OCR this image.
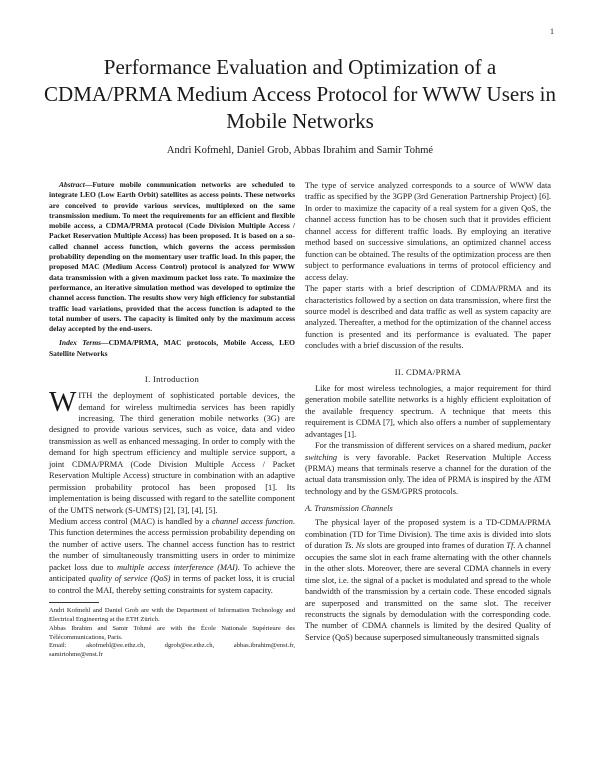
1
Performance Evaluation and Optimization of a CDMA/PRMA Medium Access Protocol for WWW Users in Mobile Networks
Andri Kofmehl, Daniel Grob, Abbas Ibrahim and Samir Tohmé

Abstract—Future mobile communication networks are scheduled to integrate LEO (Low Earth Orbit) satellites as access points. These networks are conceived to provide various services, multiplexed on the same transmission medium. To meet the requirements for an efficient and flexible mobile access, a CDMA/PRMA protocol (Code Division Multiple Access / Packet Reservation Multiple Access) has been proposed. It is based on a so-called channel access function, which governs the access permission probability depending on the momentary user traffic load. In this paper, the proposed MAC (Medium Access Control) protocol is analyzed for WWW data transmission with a given maximum packet loss rate. To maximize the performance, an iterative simulation method was developed to optimize the channel access function. The results show very high efficiency for substantial traffic load variations, provided that the access function is adapted to the total number of users. The capacity is limited only by the maximum access delay accepted by the end-users.

Index Terms—CDMA/PRMA, MAC protocols, Mobile Access, LEO Satellite Networks

I. Introduction

WITH the deployment of sophisticated portable devices, the demand for wireless multimedia services has been rapidly increasing. The third generation mobile networks (3G) are designed to provide various services, such as voice, data and video transmission as well as enhanced messaging. In order to comply with the demand for high spectrum efficiency and multiple service support, a joint CDMA/PRMA (Code Division Multiple Access / Packet Reservation Multiple Access) structure in combination with an adaptive permission probability protocol has been proposed [1]. Its implementation is being discussed with regard to the satellite component of the UMTS network (S-UMTS) [2], [3], [4], [5].

Medium access control (MAC) is handled by a channel access function. This function determines the access permission probability depending on the number of active users. The channel access function has to restrict the number of simultaneously transmitting users in order to minimize packet loss due to multiple access interference (MAI). To achieve the anticipated quality of service (QoS) in terms of packet loss, it is crucial to control the MAI, thereby setting constraints for system capacity.

Andri Kofmehl and Daniel Grob are with the Department of Information Technology and Electrical Engineering at the ETH Zürich.

Abbas Ibrahim and Samir Tohmé are with the École Nationale Supérieure des Télécommunications, Paris.

Email: akofmehl@ee.ethz.ch, dgrob@ee.ethz.ch, abbas.ibrahim@enst.fr, samirtohme@enst.fr

The type of service analyzed corresponds to a source of WWW data traffic as specified by the 3GPP (3rd Generation Partnership Project) [6]. In order to maximize the capacity of a real system for a given QoS, the channel access function has to be chosen such that it provides efficient channel access for different traffic loads. By employing an iterative method based on successive simulations, an optimized channel access function can be obtained. The results of the optimization process are then subject to performance evaluations in terms of protocol efficiency and access delay.

The paper starts with a brief description of CDMA/PRMA and its characteristics followed by a section on data transmission, where first the source model is described and data traffic as well as system capacity are analyzed. Thereafter, a method for the optimization of the channel access function is presented and its performance is evaluated. The paper concludes with a brief discussion of the results.

II. CDMA/PRMA

Like for most wireless technologies, a major requirement for third generation mobile satellite networks is a highly efficient exploitation of the available frequency spectrum. A technique that meets this requirement is CDMA [7], which also offers a number of supplementary advantages [1].

For the transmission of different services on a shared medium, packet switching is very favorable. Packet Reservation Multiple Access (PRMA) means that terminals reserve a channel for the duration of the actual data transmission only. The idea of PRMA is inspired by the ATM technology and by the GSM/GPRS protocols.

A. Transmission Channels

The physical layer of the proposed system is a TD-CDMA/PRMA combination (TD for Time Division). The time axis is divided into slots of duration Ts. Ns slots are grouped into frames of duration Tf. A channel occupies the same slot in each frame alternating with the other channels in the other slots. Moreover, there are several CDMA channels in every time slot, i.e. the signal of a packet is modulated and spread to the whole bandwidth of the transmission by a certain code. These encoded signals are superposed and transmitted on the same slot. The receiver reconstructs the signals by demodulation with the corresponding code. The number of CDMA channels is limited by the desired Quality of Service (QoS) because superposed simultaneously transmitted signals
